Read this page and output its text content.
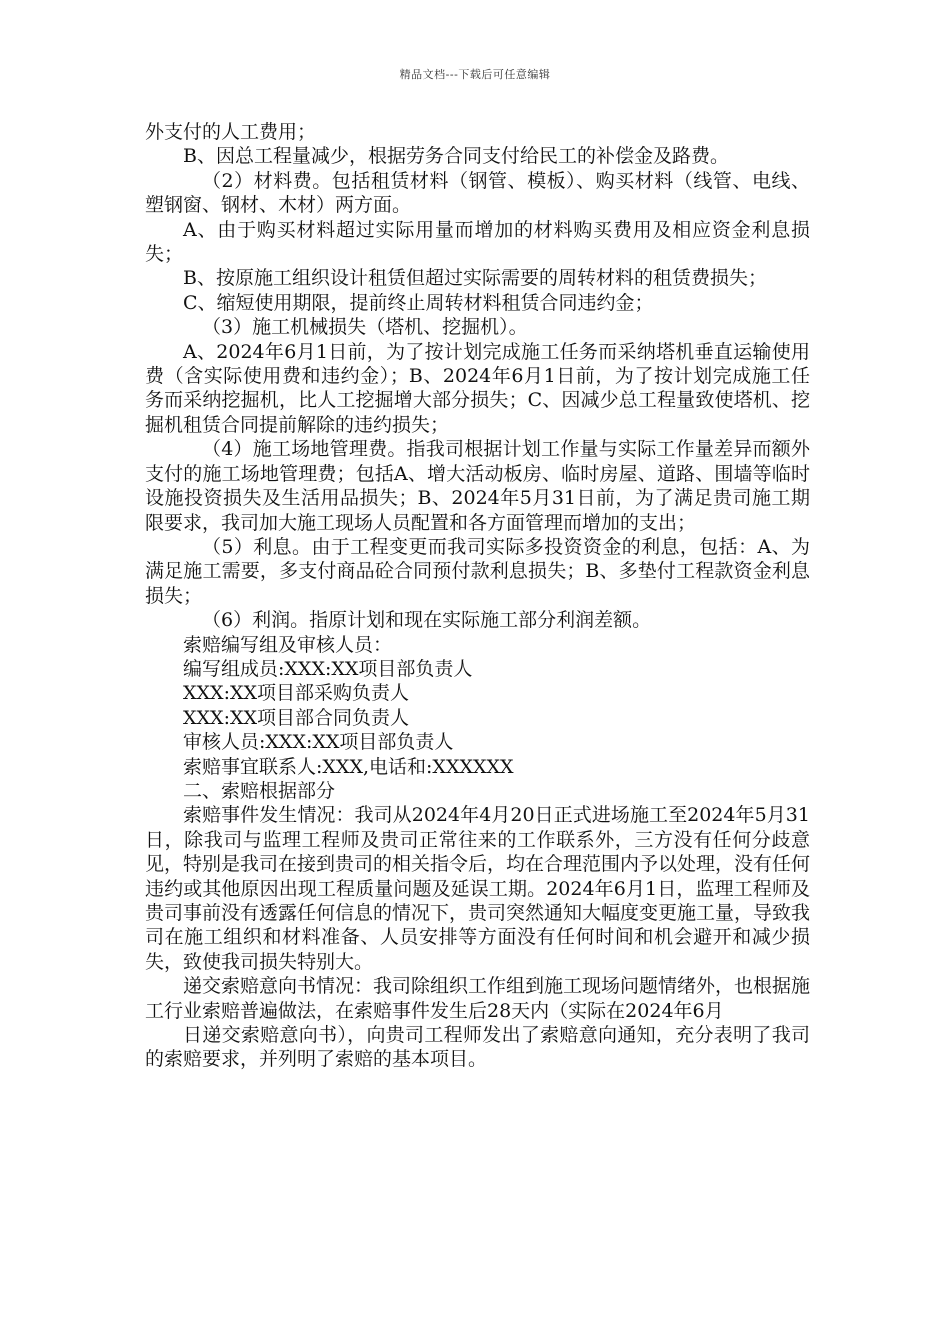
精品文档---下载后可任意编辑

外支付的人工费用；

B、因总工程量减少，根据劳务合同支付给民工的补偿金及路费。

（2）材料费。包括租赁材料（钢管、模板）、购买材料（线管、电线、塑钢窗、钢材、木材）两方面。

A、由于购买材料超过实际用量而增加的材料购买费用及相应资金利息损失；

B、按原施工组织设计租赁但超过实际需要的周转材料的租赁费损失；

C、缩短使用期限，提前终止周转材料租赁合同违约金；

（3）施工机械损失（塔机、挖掘机）。

A、2024年6月1日前，为了按计划完成施工任务而采纳塔机垂直运输使用费（含实际使用费和违约金）；B、2024年6月1日前，为了按计划完成施工任务而采纳挖掘机，比人工挖掘增大部分损失；C、因减少总工程量致使塔机、挖掘机租赁合同提前解除的违约损失；

（4）施工场地管理费。指我司根据计划工作量与实际工作量差异而额外支付的施工场地管理费；包括A、增大活动板房、临时房屋、道路、围墙等临时设施投资损失及生活用品损失；B、2024年5月31日前，为了满足贵司施工期限要求，我司加大施工现场人员配置和各方面管理而增加的支出；

（5）利息。由于工程变更而我司实际多投资资金的利息，包括：A、为满足施工需要，多支付商品砼合同预付款利息损失；B、多垫付工程款资金利息损失；

（6）利润。指原计划和现在实际施工部分利润差额。

索赔编写组及审核人员：

编写组成员:XXX:XX项目部负责人

XXX:XX项目部采购负责人

XXX:XX项目部合同负责人

审核人员:XXX:XX项目部负责人

索赔事宜联系人:XXX,电话和:XXXXXX

二、索赔根据部分

索赔事件发生情况：我司从2024年4月20日正式进场施工至2024年5月31日，除我司与监理工程师及贵司正常往来的工作联系外，三方没有任何分歧意见，特别是我司在接到贵司的相关指令后，均在合理范围内予以处理，没有任何违约或其他原因出现工程质量问题及延误工期。2024年6月1日，监理工程师及贵司事前没有透露任何信息的情况下，贵司突然通知大幅度变更施工量，导致我司在施工组织和材料准备、人员安排等方面没有任何时间和机会避开和减少损失，致使我司损失特别大。

递交索赔意向书情况：我司除组织工作组到施工现场问题情绪外，也根据施工行业索赔普遍做法，在索赔事件发生后28天内（实际在2024年6月

日递交索赔意向书），向贵司工程师发出了索赔意向通知，充分表明了我司的索赔要求，并列明了索赔的基本项目。
